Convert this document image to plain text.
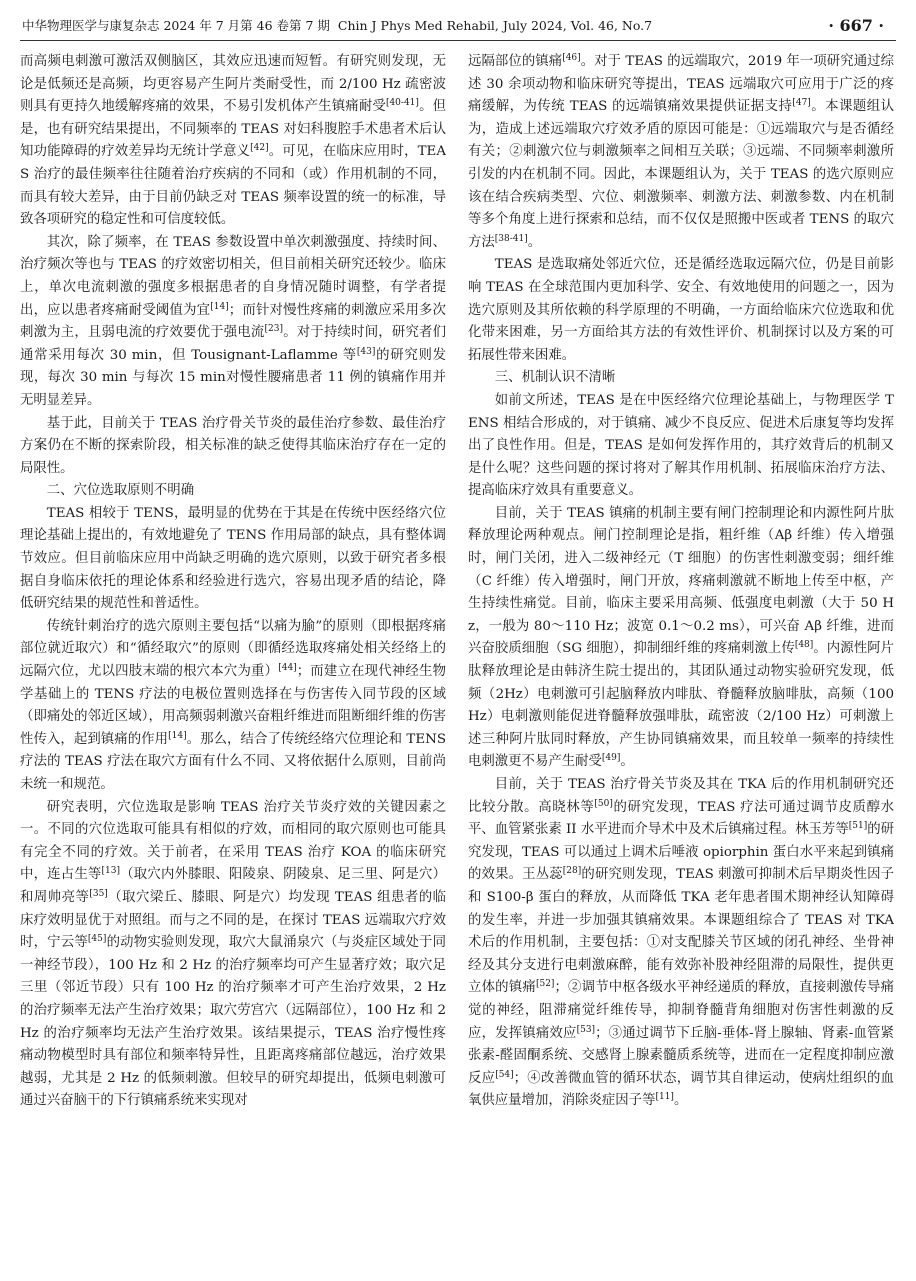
中华物理医学与康复杂志 2024 年 7 月第 46 卷第 7 期 Chin J Phys Med Rehabil, July 2024, Vol. 46, No.7	· 667 ·

而高频电刺激可激活双侧脑区，其效应迅速而短暂。有研究则发现，无论是低频还是高频，均更容易产生阿片类耐受性，而 2/100 Hz 疏密波则具有更持久地缓解疼痛的效果，不易引发机体产生镇痛耐受[40-41]。但是，也有研究结果提出，不同频率的 TEAS 对妇科腹腔手术患者术后认知功能障碍的疗效差异均无统计学意义[42]。可见，在临床应用时，TEAS 治疗的最佳频率往往随着治疗疾病的不同和（或）作用机制的不同，而具有较大差异，由于目前仍缺乏对 TEAS 频率设置的统一的标准，导致各项研究的稳定性和可信度较低。

其次，除了频率，在 TEAS 参数设置中单次刺激强度、持续时间、治疗频次等也与 TEAS 的疗效密切相关，但目前相关研究还较少。临床上，单次电流刺激的强度多根据患者的自身情况随时调整，有学者提出，应以患者疼痛耐受阈值为宜[14]；而针对慢性疼痛的刺激应采用多次刺激为主，且弱电流的疗效要优于强电流[23]。对于持续时间，研究者们通常采用每次 30 min，但 Tousignant-Laflamme 等[43]的研究则发现，每次 30 min 与每次 15 min对慢性腰痛患者 11 例的镇痛作用并无明显差异。

基于此，目前关于 TEAS 治疗骨关节炎的最佳治疗参数、最佳治疗方案仍在不断的探索阶段，相关标准的缺乏使得其临床治疗存在一定的局限性。

二、穴位选取原则不明确

TEAS 相较于 TENS，最明显的优势在于其是在传统中医经络穴位理论基础上提出的，有效地避免了 TENS 作用局部的缺点，具有整体调节效应。但目前临床应用中尚缺乏明确的选穴原则，以致于研究者多根据自身临床依托的理论体系和经验进行选穴，容易出现矛盾的结论，降低研究结果的规范性和普适性。

传统针刺治疗的选穴原则主要包括“以痛为腧”的原则（即根据疼痛部位就近取穴）和“循经取穴”的原则（即循经选取疼痛处相关经络上的远隔穴位，尤以四肢末端的根穴本穴为重）[44]；而建立在现代神经生物学基础上的 TENS 疗法的电极位置则选择在与伤害传入同节段的区域（即痛处的邻近区域），用高频弱刺激兴奋粗纤维进而阻断细纤维的伤害性传入，起到镇痛的作用[14]。那么，结合了传统经络穴位理论和 TENS 疗法的 TEAS 疗法在取穴方面有什么不同、又将依据什么原则，目前尚未统一和规范。

研究表明，穴位选取是影响 TEAS 治疗关节炎疗效的关键因素之一。不同的穴位选取可能具有相似的疗效，而相同的取穴原则也可能具有完全不同的疗效。关于前者，在采用 TEAS 治疗 KOA 的临床研究中，连占生等[13]（取穴内外膝眼、阳陵泉、阴陵泉、足三里、阿是穴）和周帅亮等[35]（取穴梁丘、膝眼、阿是穴）均发现 TEAS 组患者的临床疗效明显优于对照组。而与之不同的是，在探讨 TEAS 远端取穴疗效时，宁云等[45]的动物实验则发现，取穴大鼠涌泉穴（与炎症区域处于同一神经节段），100 Hz 和 2 Hz 的治疗频率均可产生显著疗效；取穴足三里（邻近节段）只有 100 Hz 的治疗频率才可产生治疗效果，2 Hz 的治疗频率无法产生治疗效果；取穴劳宫穴（远隔部位），100 Hz 和 2 Hz 的治疗频率均无法产生治疗效果。该结果提示，TEAS 治疗慢性疼痛动物模型时具有部位和频率特异性，且距离疼痛部位越远，治疗效果越弱，尤其是 2 Hz 的低频刺激。但较早的研究却提出，低频电刺激可通过兴奋脑干的下行镇痛系统来实现对

远隔部位的镇痛[46]。对于 TEAS 的远端取穴，2019 年一项研究通过综述 30 余项动物和临床研究等提出，TEAS 远端取穴可应用于广泛的疼痛缓解，为传统 TEAS 的远端镇痛效果提供证据支持[47]。本课题组认为，造成上述远端取穴疗效矛盾的原因可能是：①远端取穴与是否循经有关；②刺激穴位与刺激频率之间相互关联；③远端、不同频率刺激所引发的内在机制不同。因此，本课题组认为，关于 TEAS 的选穴原则应该在结合疾病类型、穴位、刺激频率、刺激方法、刺激参数、内在机制等多个角度上进行探索和总结，而不仅仅是照搬中医或者 TENS 的取穴方法[38-41]。

TEAS 是选取痛处邻近穴位，还是循经选取远隔穴位，仍是目前影响 TEAS 在全球范围内更加科学、安全、有效地使用的问题之一，因为选穴原则及其所依赖的科学原理的不明确，一方面给临床穴位选取和优化带来困难，另一方面给其方法的有效性评价、机制探讨以及方案的可拓展性带来困难。

三、机制认识不清晰

如前文所述，TEAS 是在中医经络穴位理论基础上，与物理医学 TENS 相结合形成的，对于镇痛、减少不良反应、促进术后康复等均发挥出了良性作用。但是，TEAS 是如何发挥作用的，其疗效背后的机制又是什么呢？这些问题的探讨将对了解其作用机制、拓展临床治疗方法、提高临床疗效具有重要意义。

目前，关于 TEAS 镇痛的机制主要有闸门控制理论和内源性阿片肽释放理论两种观点。闸门控制理论是指，粗纤维（Aβ 纤维）传入增强时，闸门关闭，进入二级神经元（T 细胞）的伤害性刺激变弱；细纤维（C 纤维）传入增强时，闸门开放，疼痛刺激就不断地上传至中枢，产生持续性痛觉。目前，临床主要采用高频、低强度电刺激（大于 50 Hz，一般为 80～110 Hz；波宽 0.1～0.2 ms），可兴奋 Aβ 纤维，进而兴奋胶质细胞（SG 细胞），抑制细纤维的疼痛刺激上传[48]。内源性阿片肽释放理论是由韩济生院士提出的，其团队通过动物实验研究发现，低频（2Hz）电刺激可引起脑释放内啡肽、脊髓释放脑啡肽，高频（100 Hz）电刺激则能促进脊髓释放强啡肽，疏密波（2/100 Hz）可刺激上述三种阿片肽同时释放，产生协同镇痛效果，而且较单一频率的持续性电刺激更不易产生耐受[49]。

目前，关于 TEAS 治疗骨关节炎及其在 TKA 后的作用机制研究还比较分散。高晓林等[50]的研究发现，TEAS 疗法可通过调节皮质醇水平、血管紧张素 II 水平进而介导术中及术后镇痛过程。林玉芳等[51]的研究发现，TEAS 可以通过上调术后唾液 opiorphin 蛋白水平来起到镇痛的效果。王丛蕊[28]的研究则发现，TEAS 刺激可抑制术后早期炎性因子和 S100-β 蛋白的释放，从而降低 TKA 老年患者围术期神经认知障碍的发生率，并进一步加强其镇痛效果。本课题组综合了 TEAS 对 TKA 术后的作用机制，主要包括：①对支配膝关节区域的闭孔神经、坐骨神经及其分支进行电刺激麻醉，能有效弥补股神经阻滞的局限性，提供更立体的镇痛[52]；②调节中枢各级水平神经递质的释放，直接刺激传导痛觉的神经，阻滞痛觉纤维传导，抑制脊髓背角细胞对伤害性刺激的反应，发挥镇痛效应[53]；③通过调节下丘脑-垂体-肾上腺轴、肾素-血管紧张素-醛固酮系统、交感肾上腺素髓质系统等，进而在一定程度抑制应激反应[54]；④改善微血管的循环状态，调节其自律运动，使病灶组织的血氧供应量增加，消除炎症因子等[11]。
